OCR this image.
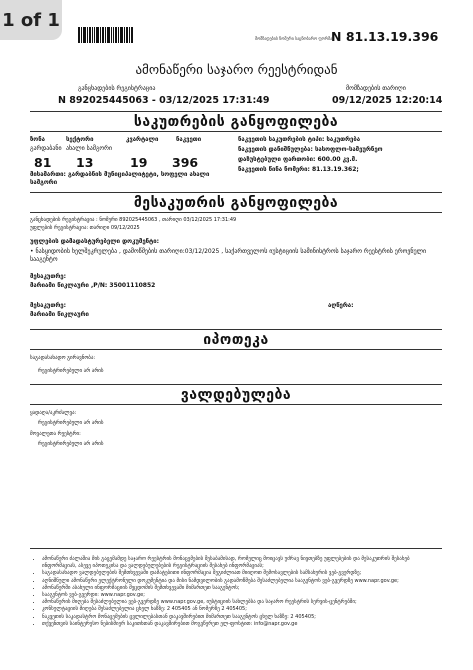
1 of 1
მომზადების ნომერი საცნობარო ფორმა
N 81.13.19.396
ამონაწერი საჯარო რეესტრიდან
განცხადების რეგისტრაცია
N 892025445063 - 03/12/2025 17:31:49
მომზადების თარიღი
09/12/2025 12:20:14
საკუთრების განყოფილება
ზონა	სექტორი	კვარტალი	ნაკვეთი
გარდაბანი ახალი სამგორი
81 13	19 396
მისამართი: გარდაბნის მუნიციპალიტეტი, სოფელი ახალი სამგორი
ნაკვეთის საკუთრების ტიპი: საკუთრება
ნაკვეთის დანიშნულება: სასოფლო-სამეურნეო
დაზუსტებული ფართობი: 600.00 კვ.მ.
ნაკვეთის წინა ნომერი: 81.13.19.362;
მესაკუთრის განყოფილება
განცხადების რეგისტრაცია : ნომერი 892025445063 , თარიღი 03/12/2025 17:31:49
უფლების რეგისტრაცია: თარიღი 09/12/2025
უფლების დამადასტურებელი დოკუმენტი:
• ნასყიდობის ხელშეკრულება , დამოწმების თარიღი:03/12/2025 , საქართველოს იუსტიციის სამინისტროს საჯარო რეესტრის ეროვნული სააგენტო
მესაკუთრე:
მარიამი წიკლაური ,P/N: 35001110852
მესაკუთრე:
მარიამი წიკლაური
აღწერა:
იპოთეკა
საგადასახადო გირავნობა:
რეგისტრირებული არ არის
ვალდებულება
ყადაღა/აკრძალვა:
რეგისტრირებული არ არის
მოვალეთა რეესტრი:
რეგისტრირებული არ არის
• ამონაწერი ძალაშია მის გაცემამდე საჯარო რეესტრის მონაცემების შესაბამისად, რომელიც მოიცავს უძრავ ნივთებზე უფლებების და მესაკუთრის შესახებ ინფორმაციას, ასევე იპოთეკისა და ვალდებულებების რეგისტრაციის შესახებ ინფორმაციას;
• საგადასახადო ვალდებულების შემთხვევაში დამატებითი ინფორმაცია შეგიძლიათ მიიღოთ შემოსავლების სამსახურის ვებ-გვერდზე;
• აღნიშნული ამონაწერი ელექტრონული დოკუმენტია და მისი ნამდვილობის გადამოწმება შესაძლებელია სააგენტოს ვებ-გვერდზე www.napr.gov.ge;
• ამონაწერში ასახული ინფორმაციის შეცდომის შემთხვევაში მიმართეთ სააგენტოს;
• სააგენტოს ვებ-გვერდი: www.napr.gov.ge;
• ამონაწერის მიღება შესაძლებელია ვებ-გვერდზე www.napr.gov.ge, იუსტიციის სახლებსა და საჯარო რეესტრის სერვის-ცენტრებში;
• კონსულტაციის მიღება შესაძლებელია ცხელ ხაზზე: 2 405405 ან ნომერზე 2 405405;
• ნაკვეთის საკადასტრო მონაცემების ცვლილებასთან დაკავშირებით მიმართეთ სააგენტოს ცხელ ხაზზე: 2 405405;
• თქვენთვის საინტერესო ნებისმიერ საკითხთან დაკავშირებით მოგვწერეთ ელ-ფოსტით: info@napr.gov.ge
